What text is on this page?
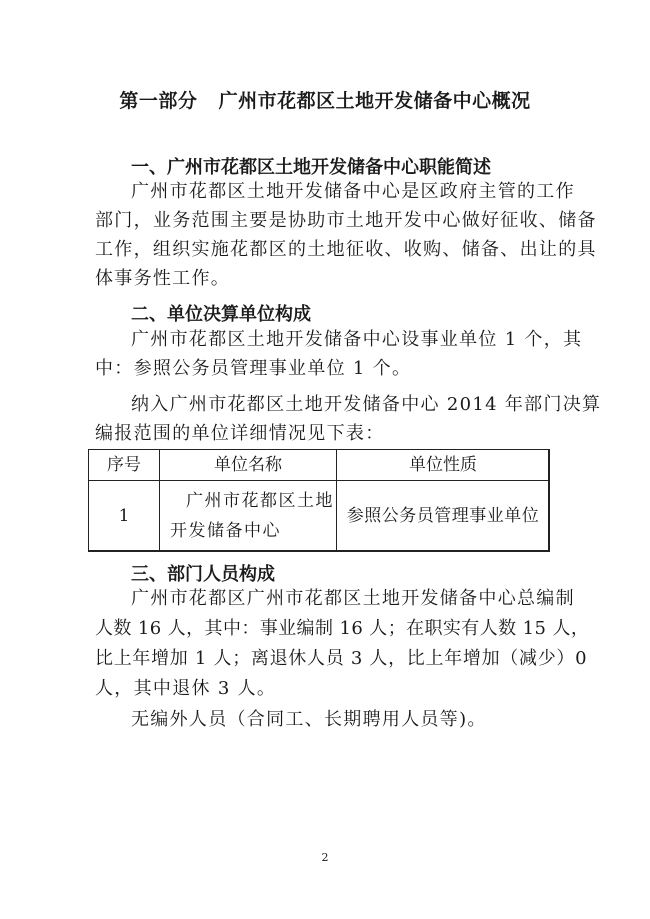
第一部分   广州市花都区土地开发储备中心概况
一、广州市花都区土地开发储备中心职能简述
广州市花都区土地开发储备中心是区政府主管的工作
部门，业务范围主要是协助市土地开发中心做好征收、储备
工作，组织实施花都区的土地征收、收购、储备、出让的具
体事务性工作。
二、单位决算单位构成
广州市花都区土地开发储备中心设事业单位 1 个，其
中：参照公务员管理事业单位 1 个。
纳入广州市花都区土地开发储备中心 2014 年部门决算
编报范围的单位详细情况见下表：
序号	单位名称	单位性质
1
广州市花都区土地
开发储备中心
参照公务员管理事业单位
三、部门人员构成
广州市花都区广州市花都区土地开发储备中心总编制
人数 16 人，其中：事业编制 16 人；在职实有人数 15 人，
比上年增加 1 人；离退休人员 3 人，比上年增加（减少）0
人，其中退休 3 人。
无编外人员（合同工、长期聘用人员等)。
2
